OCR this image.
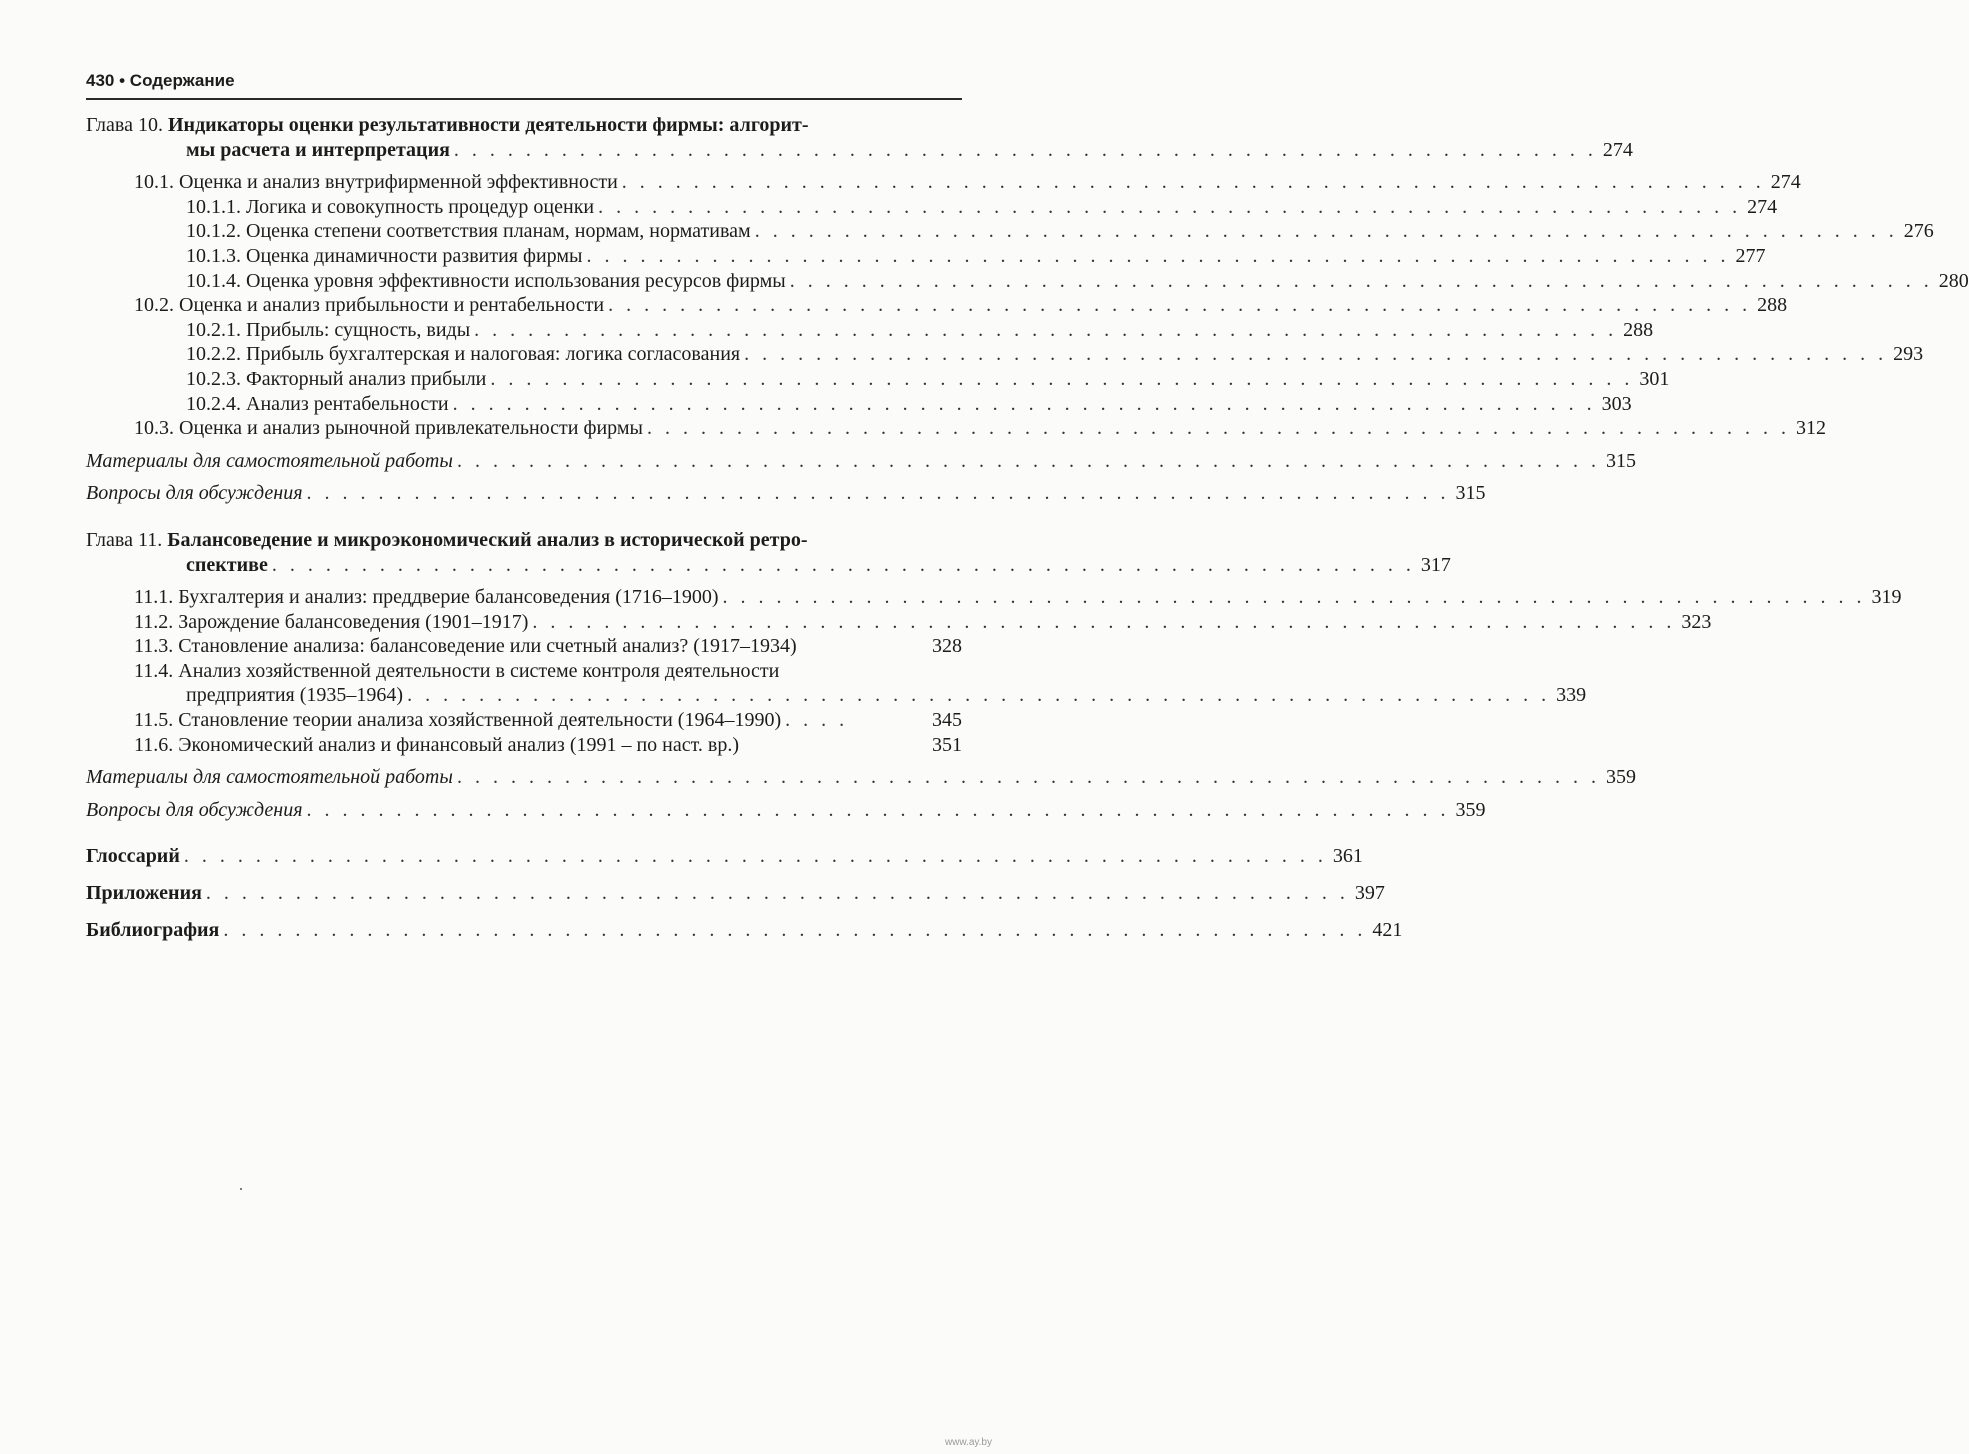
430 • Содержание
Глава 10. Индикаторы оценки результативности деятельности фирмы: алгорит-
мы расчета и интерпретация . . . . . . . . . . . . . . . . . . . . . . . . . . . . . . . . . . . . . . . . . . . . . . . . . . . . . . . . . . . . . . . . 274
10.1. Оценка и анализ внутрифирменной эффективности . . . . . . . . . . . . . . . . . . . . . . . . . . . . . . . . . . . . . . . . . . . . . . . . . . . . . . . . . . . . . . . . 274
10.1.1. Логика и совокупность процедур оценки . . . . . . . . . . . . . . . . . . . . . . . . . . . . . . . . . . . . . . . . . . . . . . . . . . . . . . . . . . . . . . . . 274
10.1.2. Оценка степени соответствия планам, нормам, нормативам . . . . . . . . . . . . . . . . . . . . . . . . . . . . . . . . . . . . . . . . . . . . . . . . . . . . . . . . . . . . . . . . 276
10.1.3. Оценка динамичности развития фирмы . . . . . . . . . . . . . . . . . . . . . . . . . . . . . . . . . . . . . . . . . . . . . . . . . . . . . . . . . . . . . . . . 277
10.1.4. Оценка уровня эффективности использования ресурсов фирмы . . . . . . . . . . . . . . . . . . . . . . . . . . . . . . . . . . . . . . . . . . . . . . . . . . . . . . . . . . . . . . . . 280
10.2. Оценка и анализ прибыльности и рентабельности . . . . . . . . . . . . . . . . . . . . . . . . . . . . . . . . . . . . . . . . . . . . . . . . . . . . . . . . . . . . . . . . 288
10.2.1. Прибыль: сущность, виды . . . . . . . . . . . . . . . . . . . . . . . . . . . . . . . . . . . . . . . . . . . . . . . . . . . . . . . . . . . . . . . . 288
10.2.2. Прибыль бухгалтерская и налоговая: логика согласования . . . . . . . . . . . . . . . . . . . . . . . . . . . . . . . . . . . . . . . . . . . . . . . . . . . . . . . . . . . . . . . . 293
10.2.3. Факторный анализ прибыли . . . . . . . . . . . . . . . . . . . . . . . . . . . . . . . . . . . . . . . . . . . . . . . . . . . . . . . . . . . . . . . . 301
10.2.4. Анализ рентабельности . . . . . . . . . . . . . . . . . . . . . . . . . . . . . . . . . . . . . . . . . . . . . . . . . . . . . . . . . . . . . . . . 303
10.3. Оценка и анализ рыночной привлекательности фирмы . . . . . . . . . . . . . . . . . . . . . . . . . . . . . . . . . . . . . . . . . . . . . . . . . . . . . . . . . . . . . . . . 312
Материалы для самостоятельной работы . . . . . . . . . . . . . . . . . . . . . . . . . . . . . . . . . . . . . . . . . . . . . . . . . . . . . . . . . . . . . . . . 315
Вопросы для обсуждения . . . . . . . . . . . . . . . . . . . . . . . . . . . . . . . . . . . . . . . . . . . . . . . . . . . . . . . . . . . . . . . . 315
Глава 11. Балансоведение и микроэкономический анализ в исторической ретро-
спективе . . . . . . . . . . . . . . . . . . . . . . . . . . . . . . . . . . . . . . . . . . . . . . . . . . . . . . . . . . . . . . . . 317
11.1. Бухгалтерия и анализ: преддверие балансоведения (1716–1900) . . . . . . . . . . . . . . . . . . . . . . . . . . . . . . . . . . . . . . . . . . . . . . . . . . . . . . . . . . . . . . . . 319
11.2. Зарождение балансоведения (1901–1917) . . . . . . . . . . . . . . . . . . . . . . . . . . . . . . . . . . . . . . . . . . . . . . . . . . . . . . . . . . . . . . . . 323
11.3. Становление анализа: балансоведение или счетный анализ? (1917–1934)	328
11.4. Анализ хозяйственной деятельности в системе контроля деятельности
предприятия (1935–1964) . . . . . . . . . . . . . . . . . . . . . . . . . . . . . . . . . . . . . . . . . . . . . . . . . . . . . . . . . . . . . . . . 339
11.5. Становление теории анализа хозяйственной деятельности (1964–1990) . . . .	345
11.6. Экономический анализ и финансовый анализ (1991 – по наст. вр.)	351
Материалы для самостоятельной работы . . . . . . . . . . . . . . . . . . . . . . . . . . . . . . . . . . . . . . . . . . . . . . . . . . . . . . . . . . . . . . . . 359
Вопросы для обсуждения . . . . . . . . . . . . . . . . . . . . . . . . . . . . . . . . . . . . . . . . . . . . . . . . . . . . . . . . . . . . . . . . 359
Глоссарий . . . . . . . . . . . . . . . . . . . . . . . . . . . . . . . . . . . . . . . . . . . . . . . . . . . . . . . . . . . . . . . . 361
Приложения . . . . . . . . . . . . . . . . . . . . . . . . . . . . . . . . . . . . . . . . . . . . . . . . . . . . . . . . . . . . . . . . 397
Библиография . . . . . . . . . . . . . . . . . . . . . . . . . . . . . . . . . . . . . . . . . . . . . . . . . . . . . . . . . . . . . . . . 421
www.ay.by
